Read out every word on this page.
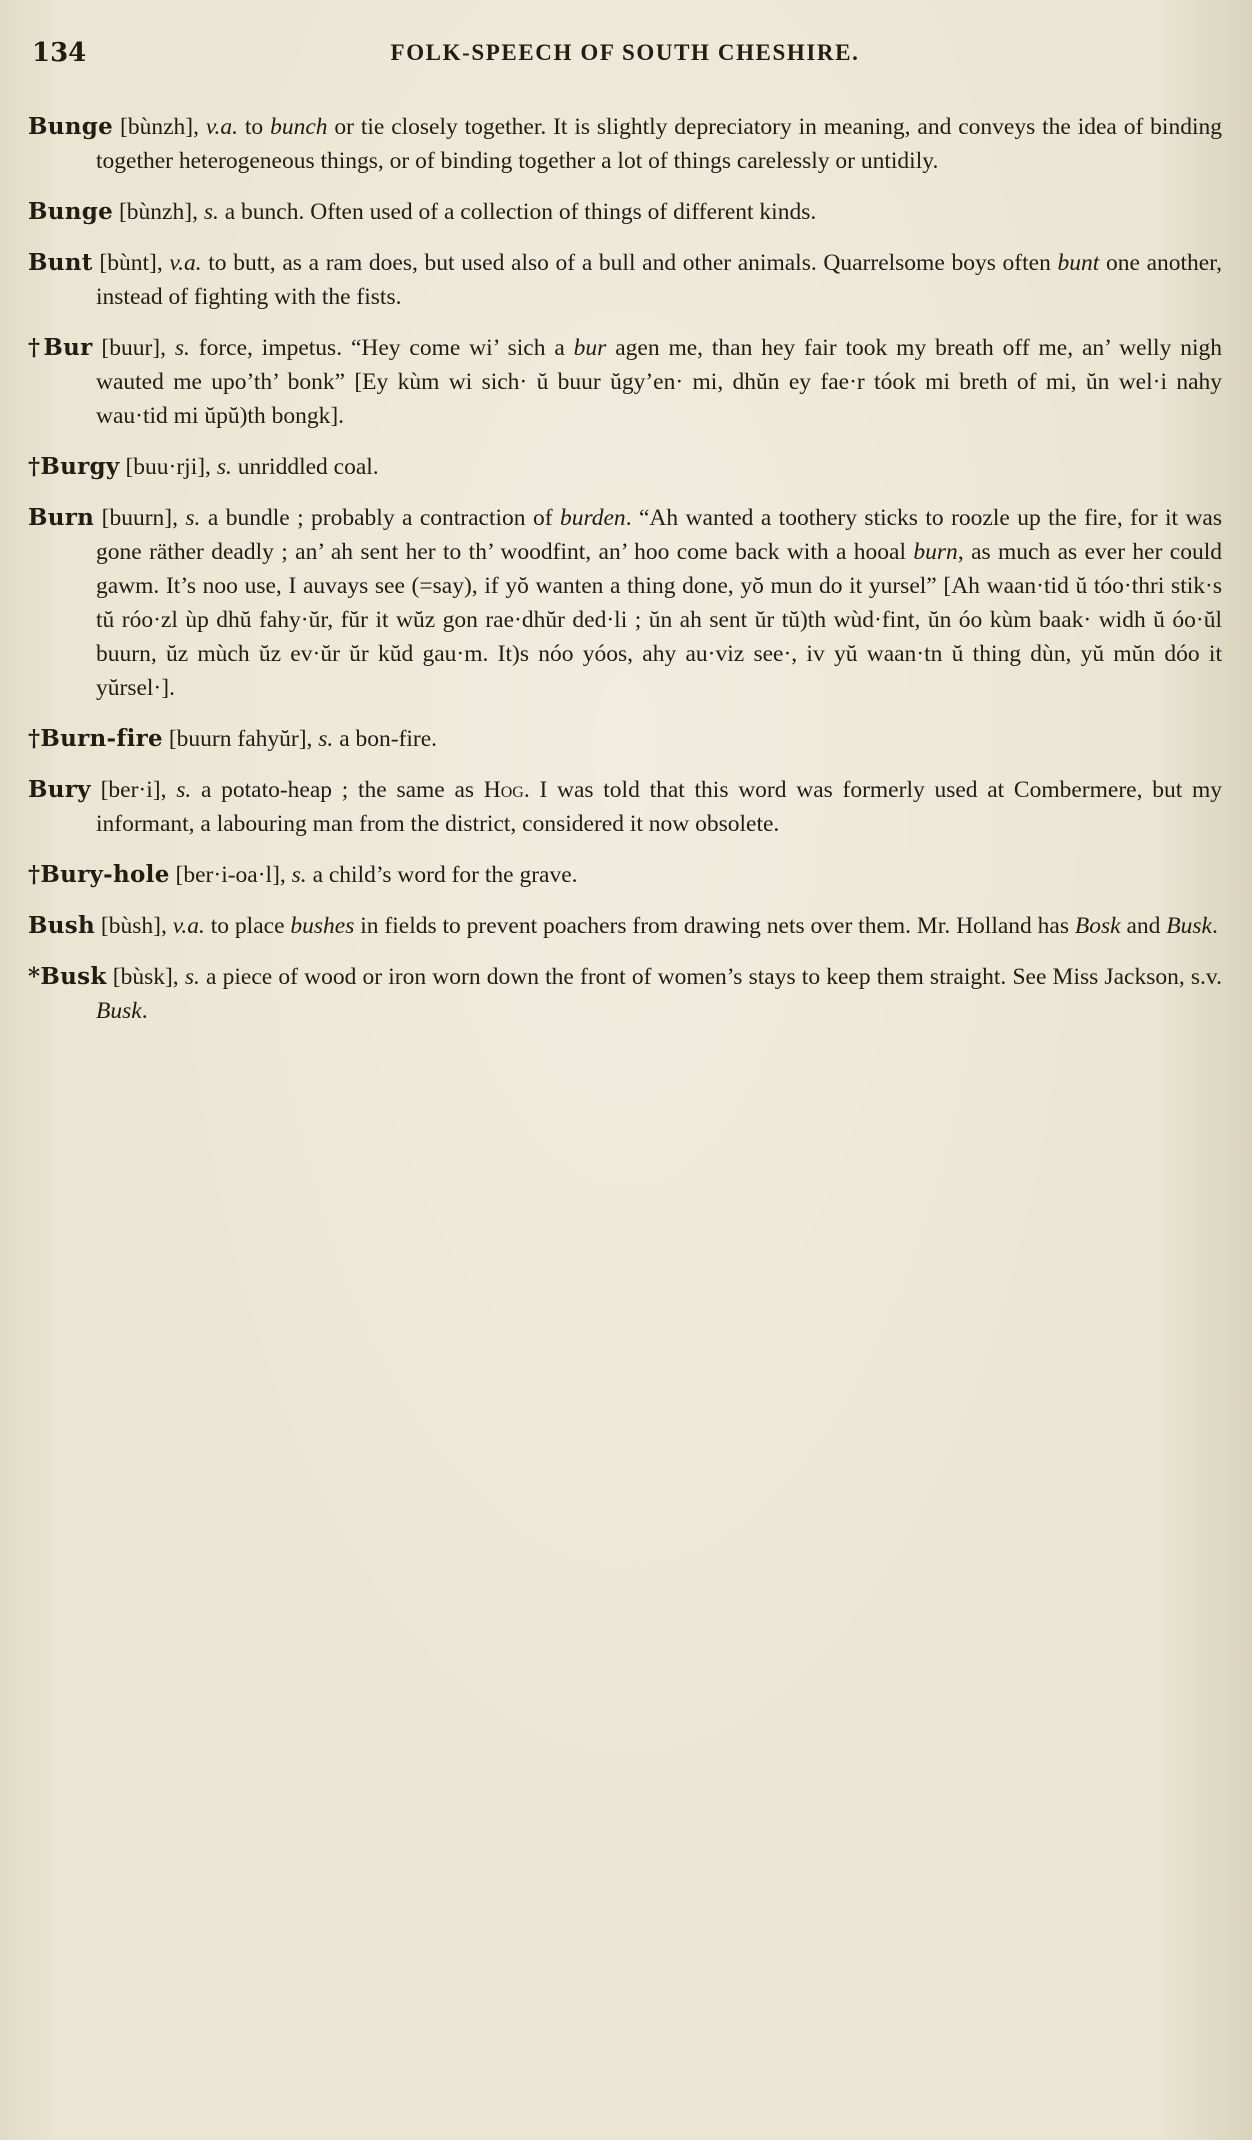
134	FOLK-SPEECH OF SOUTH CHESHIRE.

Bunge [bùnzh], v.a. to bunch or tie closely together. It is slightly depreciatory in meaning, and conveys the idea of binding together heterogeneous things, or of binding together a lot of things carelessly or untidily.

Bunge [bùnzh], s. a bunch. Often used of a collection of things of different kinds.

Bunt [bùnt], v.a. to butt, as a ram does, but used also of a bull and other animals. Quarrelsome boys often bunt one another, instead of fighting with the fists.

†Bur [buur], s. force, impetus. “Hey come wi’ sich a bur agen me, than hey fair took my breath off me, an’ welly nigh wauted me upo’th’ bonk” [Ey kùm wi sich· ŭ buur ŭgy’en· mi, dhŭn ey fae·r tóok mi breth of mi, ŭn wel·i nahy wau·tid mi ŭpŭ)th bongk].

†Burgy [buu·rji], s. unriddled coal.

Burn [buurn], s. a bundle ; probably a contraction of burden. “Ah wanted a toothery sticks to roozle up the fire, for it was gone räther deadly ; an’ ah sent her to th’ woodfint, an’ hoo come back with a hooal burn, as much as ever her could gawm. It’s noo use, I auvays see (=say), if yŏ wanten a thing done, yŏ mun do it yursel” [Ah waan·tid ŭ tóo·thri stik·s tŭ róo·zl ùp dhŭ fahy·ŭr, fŭr it wŭz gon rae·dhŭr ded·li ; ŭn ah sent ŭr tŭ)th wùd·fint, ŭn óo kùm baak· widh ŭ óo·ŭl buurn, ŭz mùch ŭz ev·ŭr ŭr kŭd gau·m. It)s nóo yóos, ahy au·viz see·, iv yŭ waan·tn ŭ thing dùn, yŭ mŭn dóo it yŭrsel·].

†Burn-fire [buurn fahyŭr], s. a bon-fire.

Bury [ber·i], s. a potato-heap ; the same as Hog. I was told that this word was formerly used at Combermere, but my informant, a labouring man from the district, considered it now obsolete.

†Bury-hole [ber·i-oa·l], s. a child’s word for the grave.

Bush [bùsh], v.a. to place bushes in fields to prevent poachers from drawing nets over them. Mr. Holland has Bosk and Busk.

*Busk [bùsk], s. a piece of wood or iron worn down the front of women’s stays to keep them straight. See Miss Jackson, s.v. Busk.
